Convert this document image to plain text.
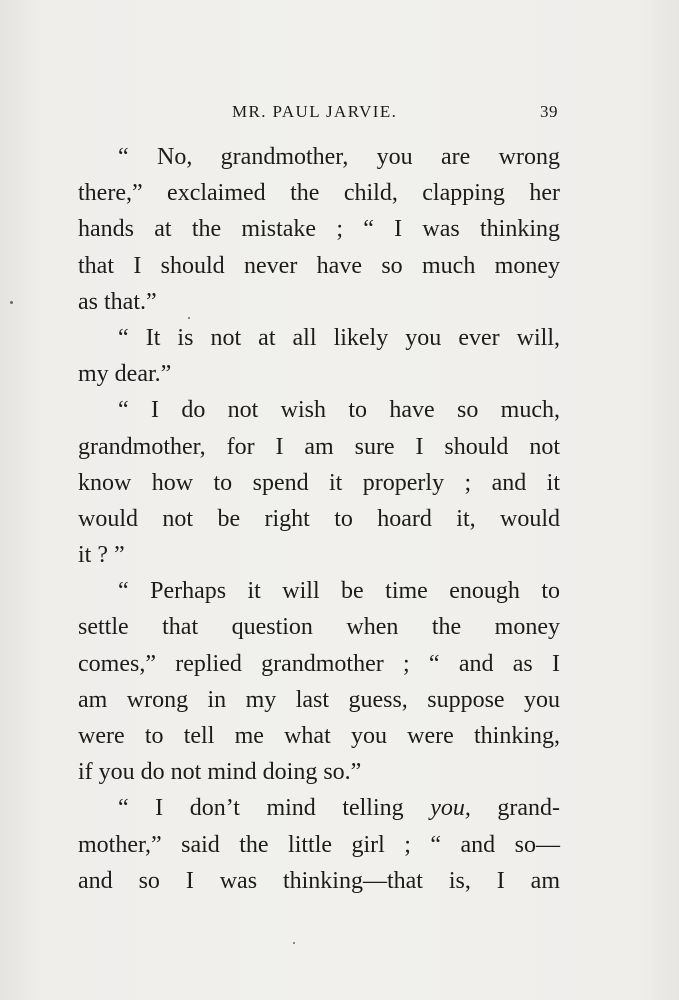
MR. PAUL JARVIE.	39
“ No, grandmother, you are wrong
there,” exclaimed the child, clapping her
hands at the mistake ; “ I was thinking
that I should never have so much money
as that.”
“ It is not at all likely you ever will,
my dear.”
“ I do not wish to have so much,
grandmother, for I am sure I should not
know how to spend it properly ; and it
would not be right to hoard it, would
it ? ”
“ Perhaps it will be time enough to
settle that question when the money
comes,” replied grandmother ; “ and as I
am wrong in my last guess, suppose you
were to tell me what you were thinking,
if you do not mind doing so.”
“ I don’t mind telling you, grand-
mother,” said the little girl ; “ and so—
and so I was thinking—that is, I am
